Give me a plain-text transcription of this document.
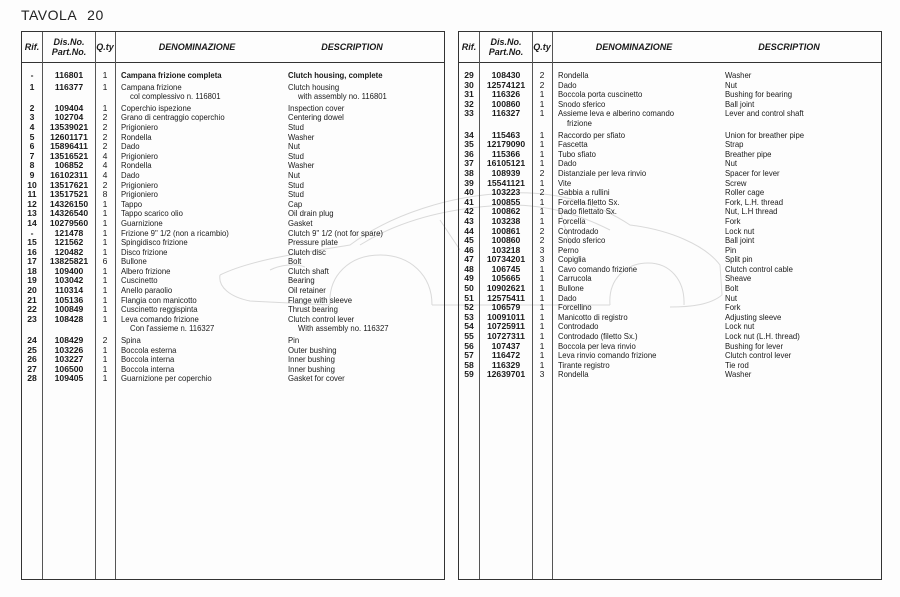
TAVOLA 20
Rif.	Dis.No.
Part.No.	Q.ty	DENOMINAZIONE	DESCRIPTION
-	116801	1	Campana frizione completa	Clutch housing, complete
1	116377	1	Campana frizione	Clutch housing
col complessivo n. 116801	with assembly no. 116801
2	109404	1	Coperchio ispezione	Inspection cover
3	102704	2	Grano di centraggio coperchio	Centering dowel
4	13539021	2	Prigioniero	Stud
5	12601171	2	Rondella	Washer
6	15896411	2	Dado	Nut
7	13516521	4	Prigioniero	Stud
8	106852	4	Rondella	Washer
9	16102311	4	Dado	Nut
10	13517621	2	Prigioniero	Stud
11	13517521	8	Prigioniero	Stud
12	14326150	1	Tappo	Cap
13	14326540	1	Tappo scarico olio	Oil drain plug
14	10279560	1	Guarnizione	Gasket
-	121478	1	Frizione 9'' 1/2 (non a ricambio)	Clutch 9'' 1/2 (not for spare)
15	121562	1	Spingidisco frizione	Pressure plate
16	120482	1	Disco frizione	Clutch disc
17	13825821	6	Bullone	Bolt
18	109400	1	Albero frizione	Clutch shaft
19	103042	1	Cuscinetto	Bearing
20	110314	1	Anello paraolio	Oil retainer
21	105136	1	Flangia con manicotto	Flange with sleeve
22	100849	1	Cuscinetto reggispinta	Thrust bearing
23	108428	1	Leva comando frizione	Clutch control lever
Con l'assieme n. 116327	With assembly no. 116327
24	108429	2	Spina	Pin
25	103226	1	Boccola esterna	Outer bushing
26	103227	1	Boccola interna	Inner bushing
27	106500	1	Boccola interna	Inner bushing
28	109405	1	Guarnizione per coperchio	Gasket for cover
Rif.	Dis.No.
Part.No.	Q.ty	DENOMINAZIONE	DESCRIPTION
29	108430	2	Rondella	Washer
30	12574121	2	Dado	Nut
31	116326	1	Boccola porta cuscinetto	Bushing for bearing
32	100860	1	Snodo sferico	Ball joint
33	116327	1	Assieme leva e alberino comando	Lever and control shaft
frizione
34	115463	1	Raccordo per sfiato	Union for breather pipe
35	12179090	1	Fascetta	Strap
36	115366	1	Tubo sfiato	Breather pipe
37	16105121	1	Dado	Nut
38	108939	2	Distanziale per leva rinvio	Spacer for lever
39	15541121	1	Vite	Screw
40	103223	2	Gabbia a rullini	Roller cage
41	100855	1	Forcella filetto Sx.	Fork, L.H. thread
42	100862	1	Dado filettato Sx.	Nut, L.H thread
43	103238	1	Forcella	Fork
44	100861	2	Controdado	Lock nut
45	100860	2	Snodo sferico	Ball joint
46	103218	3	Perno	Pin
47	10734201	3	Copiglia	Split pin
48	106745	1	Cavo comando frizione	Clutch control cable
49	105665	1	Carrucola	Sheave
50	10902621	1	Bullone	Bolt
51	12575411	1	Dado	Nut
52	106579	1	Forcellino	Fork
53	10091011	1	Manicotto di registro	Adjusting sleeve
54	10725911	1	Controdado	Lock nut
55	10727311	1	Controdado (filetto Sx.)	Lock nut (L.H. thread)
56	107437	1	Boccola per leva rinvio	Bushing for lever
57	116472	1	Leva rinvio comando frizione	Clutch control lever
58	116329	1	Tirante registro	Tie rod
59	12639701	3	Rondella	Washer
